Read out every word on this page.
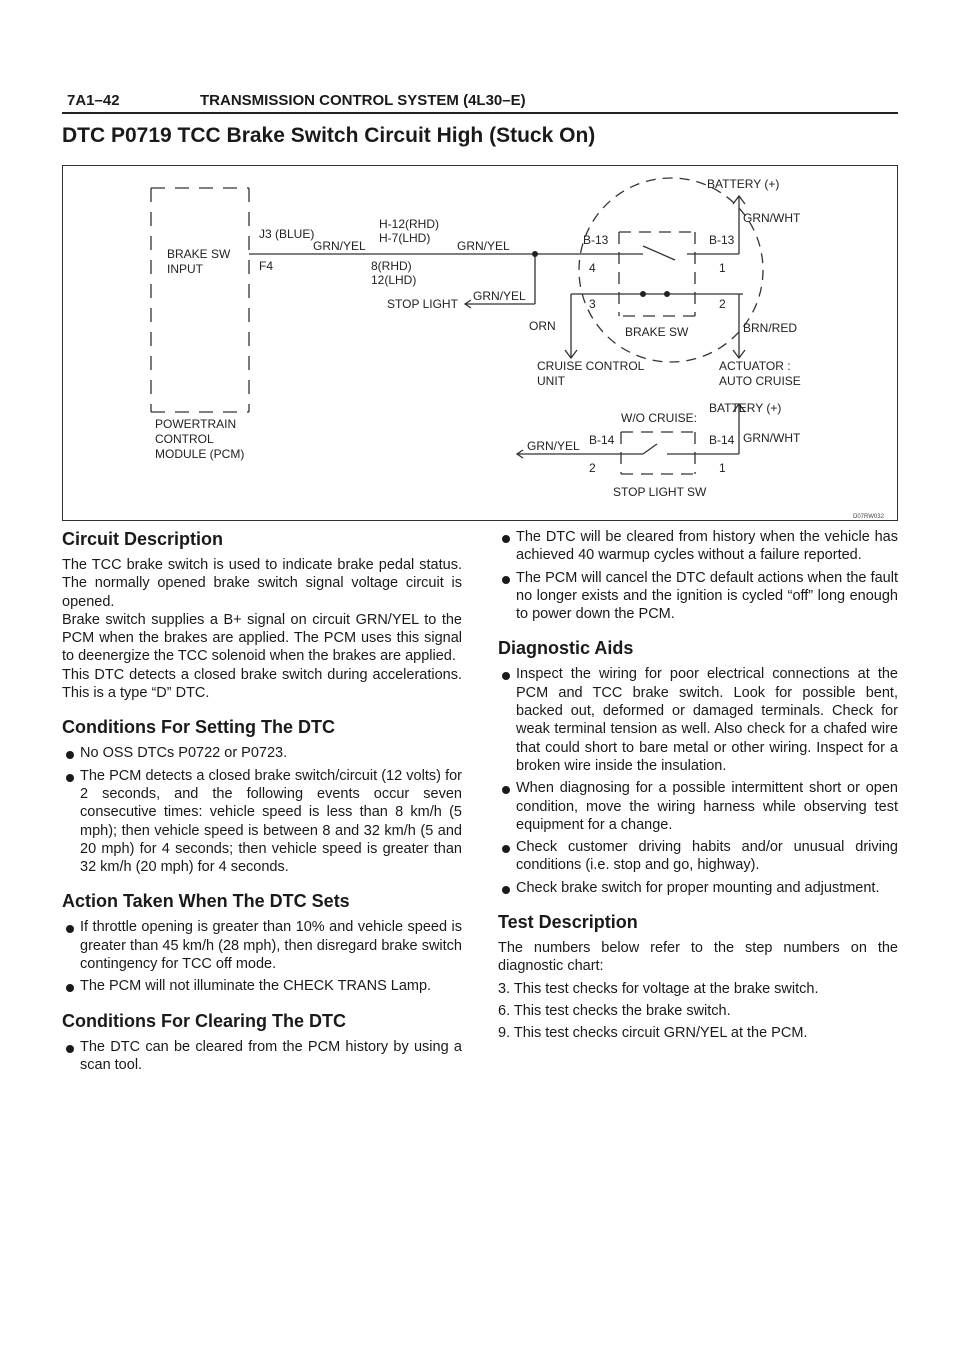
7A1–42	TRANSMISSION CONTROL SYSTEM (4L30–E)
DTC P0719 TCC Brake Switch Circuit High (Stuck On)
BRAKE SW
INPUT
POWERTRAIN
CONTROL
MODULE (PCM)
J3 (BLUE)
F4
GRN/YEL
H-12(RHD)
H-7(LHD)
8(RHD)
12(LHD)
GRN/YEL
STOP LIGHT
GRN/YEL
ORN
CRUISE CONTROL
UNIT
B-13
4
3
B-13
1
2
BRAKE SW
BATTERY (+)
GRN/WHT
BRN/RED
ACTUATOR :
AUTO CRUISE
W/O CRUISE:
BATTERY (+)
GRN/YEL B-14
2
B-14 GRN/WHT
1
STOP LIGHT SW
D07RW032
Circuit Description

The TCC brake switch is used to indicate brake pedal status. The normally opened brake switch signal voltage circuit is opened.

Brake switch supplies a B+ signal on circuit GRN/YEL to the PCM when the brakes are applied. The PCM uses this signal to deenergize the TCC solenoid when the brakes are applied.

This DTC detects a closed brake switch during accelerations. This is a type “D” DTC.

Conditions For Setting The DTC
No OSS DTCs P0722 or P0723.
The PCM detects a closed brake switch/circuit (12 volts) for 2 seconds, and the following events occur seven consecutive times: vehicle speed is less than 8 km/h (5 mph); then vehicle speed is between 8 and 32 km/h (5 and 20 mph) for 4 seconds; then vehicle speed is greater than 32 km/h (20 mph) for 4 seconds.
Action Taken When The DTC Sets
If throttle opening is greater than 10% and vehicle speed is greater than 45 km/h (28 mph), then disregard brake switch contingency for TCC off mode.
The PCM will not illuminate the CHECK TRANS Lamp.
Conditions For Clearing The DTC
The DTC can be cleared from the PCM history by using a scan tool.
The DTC will be cleared from history when the vehicle has achieved 40 warmup cycles without a failure reported.
The PCM will cancel the DTC default actions when the fault no longer exists and the ignition is cycled “off” long enough to power down the PCM.
Diagnostic Aids
Inspect the wiring for poor electrical connections at the PCM and TCC brake switch. Look for possible bent, backed out, deformed or damaged terminals. Check for weak terminal tension as well. Also check for a chafed wire that could short to bare metal or other wiring. Inspect for a broken wire inside the insulation.
When diagnosing for a possible intermittent short or open condition, move the wiring harness while observing test equipment for a change.
Check customer driving habits and/or unusual driving conditions (i.e. stop and go, highway).
Check brake switch for proper mounting and adjustment.
Test Description

The numbers below refer to the step numbers on the diagnostic chart:

3. This test checks for voltage at the brake switch.

6. This test checks the brake switch.

9. This test checks circuit GRN/YEL at the PCM.
